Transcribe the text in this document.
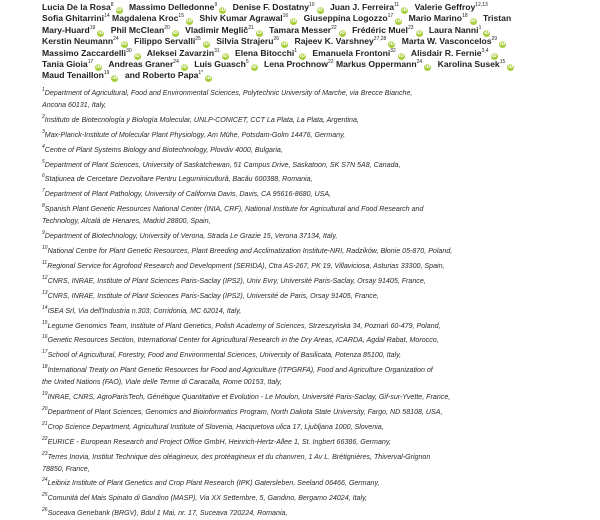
Lucia De la Rosa$^8$iD Massimo Delledonne$^9$iD Denise F. Dostatny$^{10}$iD Juan J. Ferreira$^{11}$iD Valerie Geffroy$^{12,13}$
Sofia Ghitarrini$^{14}$ Magdalena Kroc$^{15}$iD Shiv Kumar Agrawal$^{16}$iD Giuseppina Logozzo$^{17}$iD Mario Marino$^{18}$iD Tristan
Mary-Huard$^{19}$iD Phil McClean$^{20}$iD Vladimir Meglič$^{21}$iD Tamara Messer$^{22}$iD Frédéric Muel$^{23}$iD Laura Nanni$^1$iD
Kerstin Neumann$^{24}$iD Filippo Servalli$^{25}$iD Silvia Strajeru$^{26}$iD Rajeev K. Varshney$^{27,28}$iD Marta W. Vasconcelos$^{29}$iD
Massimo Zaccardelli$^{30}$iD Aleksei Zavarzin$^{31}$iD Elena Bitocchi$^1$iD Emanuela Frontoni$^{32}$iD Alisdair R. Fernie$^{3,4}$iD
Tania Gioia$^{17}$iD Andreas Graner$^{24}$iD Luis Guasch$^5$iD Lena Prochnow$^{22}$ Markus Oppermann$^{24}$iD Karolina Susek$^{15}$iD
Maud Tenaillon$^{19}$iD and Roberto Papa$^{1*}$iD
$^1$Department of Agricultural, Food and Environmental Sciences, Polytechnic University of Marche, via Brecce Bianche,
Ancona 60131, Italy,
$^2$Instituto de Biotecnología y Biología Molecular, UNLP-CONICET, CCT La Plata, La Plata, Argentina,
$^3$Max-Planck-Institute of Molecular Plant Physiology, Am Mühe, Potsdam-Golm 14476, Germany,
$^4$Centre of Plant Systems Biology and Biotechnology, Plovdiv 4000, Bulgaria,
$^5$Department of Plant Sciences, University of Saskatchewan, 51 Campus Drive, Saskatoon, SK S7N 5A8, Canada,
$^6$Stațiunea de Cercetare Dezvoltare Pentru Leguminicultură, Bacău 600388, Romania,
$^7$Department of Plant Pathology, University of California Davis, Davis, CA 95616-8680, USA,
$^8$Spanish Plant Genetic Resources National Center (INIA, CRF), National Institute for Agricultural and Food Research and
Technology, Alcalá de Henares, Madrid 28800, Spain,
$^9$Department of Biotechnology, University of Verona, Strada Le Grazie 15, Verona 37134, Italy,
$^{10}$National Centre for Plant Genetic Resources, Plant Breeding and Acclimatization Institute-NRI, Radzików, Błonie 05-870, Poland,
$^{11}$Regional Service for Agrofood Research and Development (SERIDA), Ctra AS-267, PK 19, Villaviciosa, Asturias 33300, Spain,
$^{12}$CNRS, INRAE, Institute of Plant Sciences Paris-Saclay (IPS2), Univ Evry, Université Paris-Saclay, Orsay 91405, France,
$^{13}$CNRS, INRAE, Institute of Plant Sciences Paris-Saclay (IPS2), Université de Paris, Orsay 91405, France,
$^{14}$ISEA Srl, Via dell'Industria n.303, Corridonia, MC 62014, Italy,
$^{15}$Legume Genomics Team, Institute of Plant Genetics, Polish Academy of Sciences, Strzeszyńska 34, Poznań 60-479, Poland,
$^{16}$Genetic Resources Section, International Center for Agricultural Research in the Dry Areas, ICARDA, Agdal Rabat, Morocco,
$^{17}$School of Agricultural, Forestry, Food and Environmental Sciences, University of Basilicata, Potenza 85100, Italy,
$^{18}$International Treaty on Plant Genetic Resources for Food and Agriculture (ITPGRFA), Food and Agriculture Organization of
the United Nations (FAO), Viale delle Terme di Caracalla, Rome 00153, Italy,
$^{19}$INRAE, CNRS, AgroParisTech, Génétique Quantitative et Evolution - Le Moulon, Université Paris-Saclay, Gif-sur-Yvette, France,
$^{20}$Department of Plant Sciences, Genomics and Bioinformatics Program, North Dakota State University, Fargo, ND 58108, USA,
$^{21}$Crop Science Department, Agricultural Institute of Slovenia, Hacquetova ulica 17, Ljubljana 1000, Slovenia,
$^{22}$EURICE - European Research and Project Office GmbH, Heinrich-Hertz-Allee 1, St. Ingbert 66386, Germany,
$^{23}$Terres Inovia, Institut Technique des oléagineux, des protéagineux et du chanvren, 1 Av L. Brétignières, Thiverval-Grignon
78850, France,
$^{24}$Leibniz Institute of Plant Genetics and Crop Plant Research (IPK) Gatersleben, Seeland 06466, Germany,
$^{25}$Comunità del Mais Spinato di Gandino (MASP), Via XX Settembre, 5, Gandino, Bergamo 24024, Italy,
$^{26}$Suceava Genebank (BRGV), Bdul 1 Mai, nr. 17, Suceava 720224, Romania,
